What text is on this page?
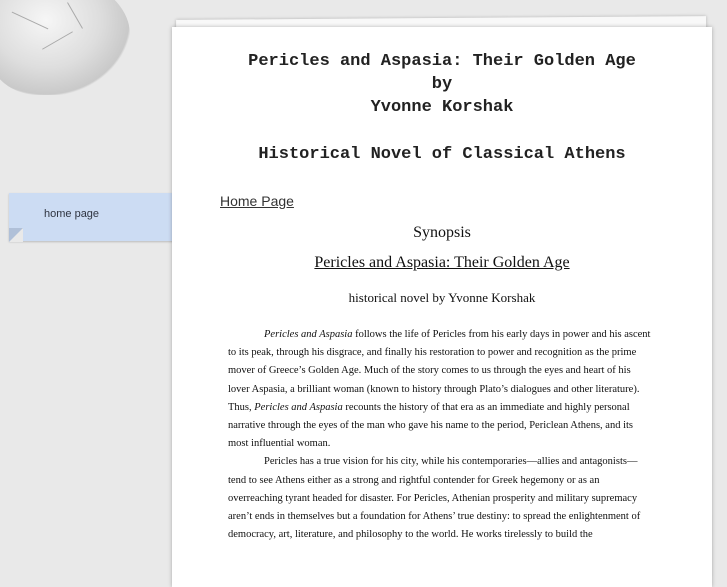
home page
Pericles and Aspasia: Their Golden Age
by
Yvonne Korshak
Historical Novel of Classical Athens
Home Page
Synopsis
Pericles and Aspasia: Their Golden Age
historical novel by Yvonne Korshak

Pericles and Aspasia follows the life of Pericles from his early days in power and his ascent to its peak, through his disgrace, and finally his restoration to power and recognition as the prime mover of Greece’s Golden Age. Much of the story comes to us through the eyes and heart of his lover Aspasia, a brilliant woman (known to history through Plato’s dialogues and other literature). Thus, Pericles and Aspasia recounts the history of that era as an immediate and highly personal narrative through the eyes of the man who gave his name to the period, Periclean Athens, and its most influential woman.

Pericles has a true vision for his city, while his contemporaries—allies and antagonists—tend to see Athens either as a strong and rightful contender for Greek hegemony or as an overreaching tyrant headed for disaster. For Pericles, Athenian prosperity and military supremacy aren’t ends in themselves but a foundation for Athens’ true destiny: to spread the enlightenment of democracy, art, literature, and philosophy to the world. He works tirelessly to build the
